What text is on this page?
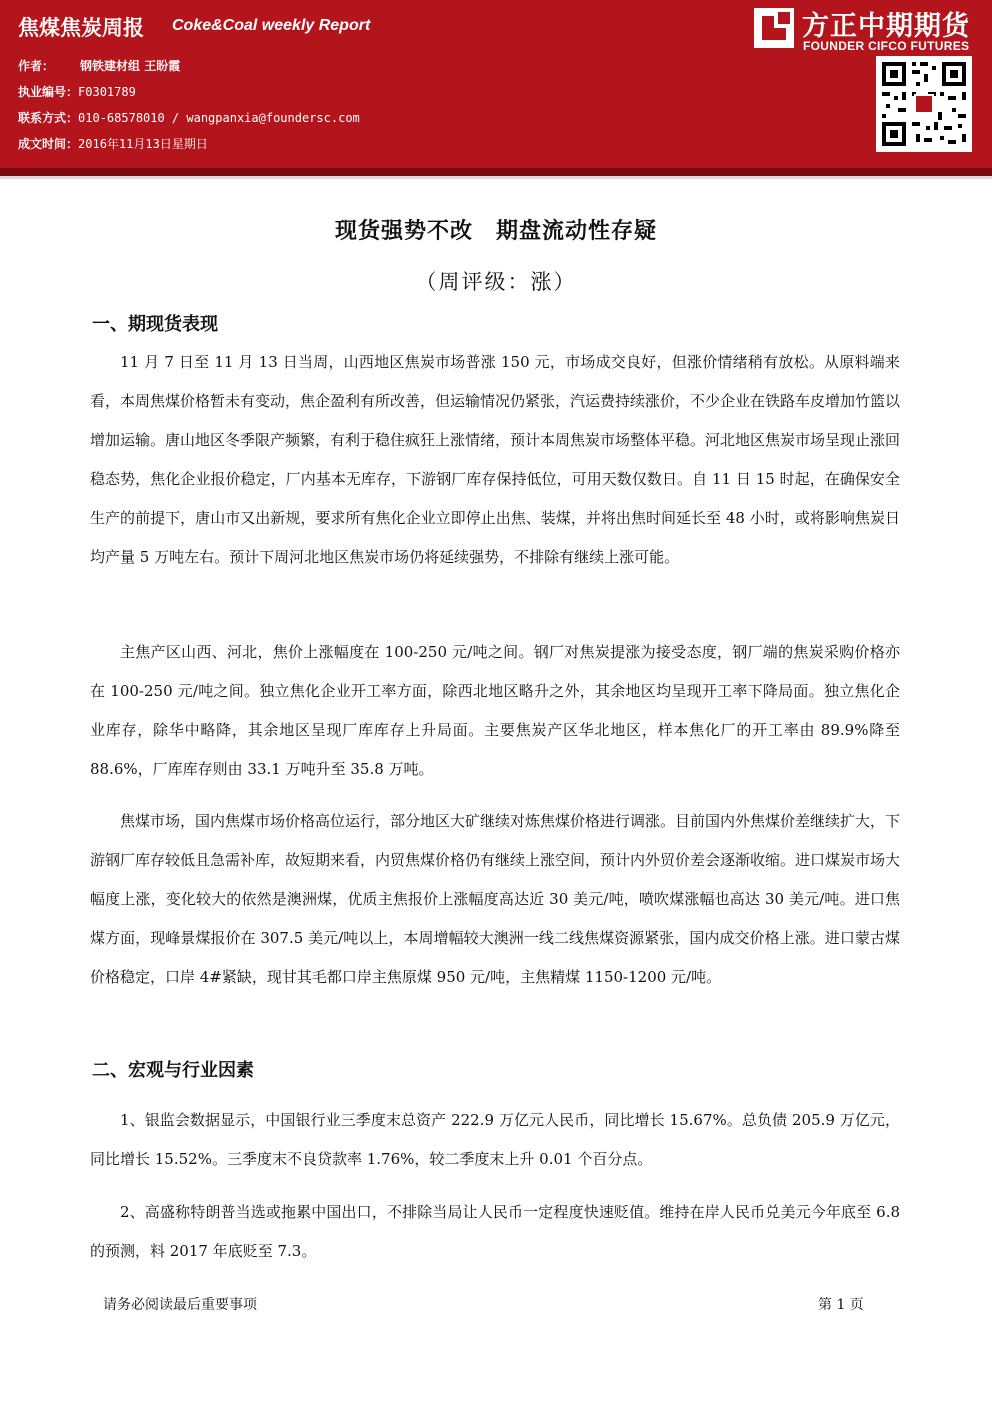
焦煤焦炭周报 Coke&Coal weekly Report
作者： 钢铁建材组 王盼霞
执业编号：F0301789
联系方式：010-68578010 / wangpanxia@foundersc.com
成文时间：2016年11月13日星期日
方正中期期货
FOUNDER CIFCO FUTURES
现货强势不改　期盘流动性存疑
（周评级：涨）
一、期现货表现
11 月 7 日至 11 月 13 日当周，山西地区焦炭市场普涨 150 元，市场成交良好，但涨价情绪稍有放松。从原料端来看，本周焦煤价格暂未有变动，焦企盈利有所改善，但运输情况仍紧张，汽运费持续涨价，不少企业在铁路车皮增加竹篮以增加运输。唐山地区冬季限产频繁，有利于稳住疯狂上涨情绪，预计本周焦炭市场整体平稳。河北地区焦炭市场呈现止涨回稳态势，焦化企业报价稳定，厂内基本无库存，下游钢厂库存保持低位，可用天数仅数日。自 11 日 15 时起，在确保安全生产的前提下，唐山市又出新规，要求所有焦化企业立即停止出焦、装煤，并将出焦时间延长至 48 小时，或将影响焦炭日均产量 5 万吨左右。预计下周河北地区焦炭市场仍将延续强势，不排除有继续上涨可能。
主焦产区山西、河北，焦价上涨幅度在 100-250 元/吨之间。钢厂对焦炭提涨为接受态度，钢厂端的焦炭采购价格亦在 100-250 元/吨之间。独立焦化企业开工率方面，除西北地区略升之外，其余地区均呈现开工率下降局面。独立焦化企业库存，除华中略降，其余地区呈现厂库库存上升局面。主要焦炭产区华北地区，样本焦化厂的开工率由 89.9%降至 88.6%，厂库库存则由 33.1 万吨升至 35.8 万吨。
焦煤市场，国内焦煤市场价格高位运行，部分地区大矿继续对炼焦煤价格进行调涨。目前国内外焦煤价差继续扩大，下游钢厂库存较低且急需补库，故短期来看，内贸焦煤价格仍有继续上涨空间，预计内外贸价差会逐渐收缩。进口煤炭市场大幅度上涨，变化较大的依然是澳洲煤，优质主焦报价上涨幅度高达近 30 美元/吨，喷吹煤涨幅也高达 30 美元/吨。进口焦煤方面，现峰景煤报价在 307.5 美元/吨以上，本周增幅较大澳洲一线二线焦煤资源紧张，国内成交价格上涨。进口蒙古煤价格稳定，口岸 4#紧缺，现甘其毛都口岸主焦原煤 950 元/吨，主焦精煤 1150-1200 元/吨。
二、宏观与行业因素
1、银监会数据显示，中国银行业三季度末总资产 222.9 万亿元人民币，同比增长 15.67%。总负债 205.9 万亿元，同比增长 15.52%。三季度末不良贷款率 1.76%，较二季度末上升 0.01 个百分点。
2、高盛称特朗普当选或拖累中国出口，不排除当局让人民币一定程度快速贬值。维持在岸人民币兑美元今年底至 6.8 的预测，料 2017 年底贬至 7.3。
请务必阅读最后重要事项	第 1 页
